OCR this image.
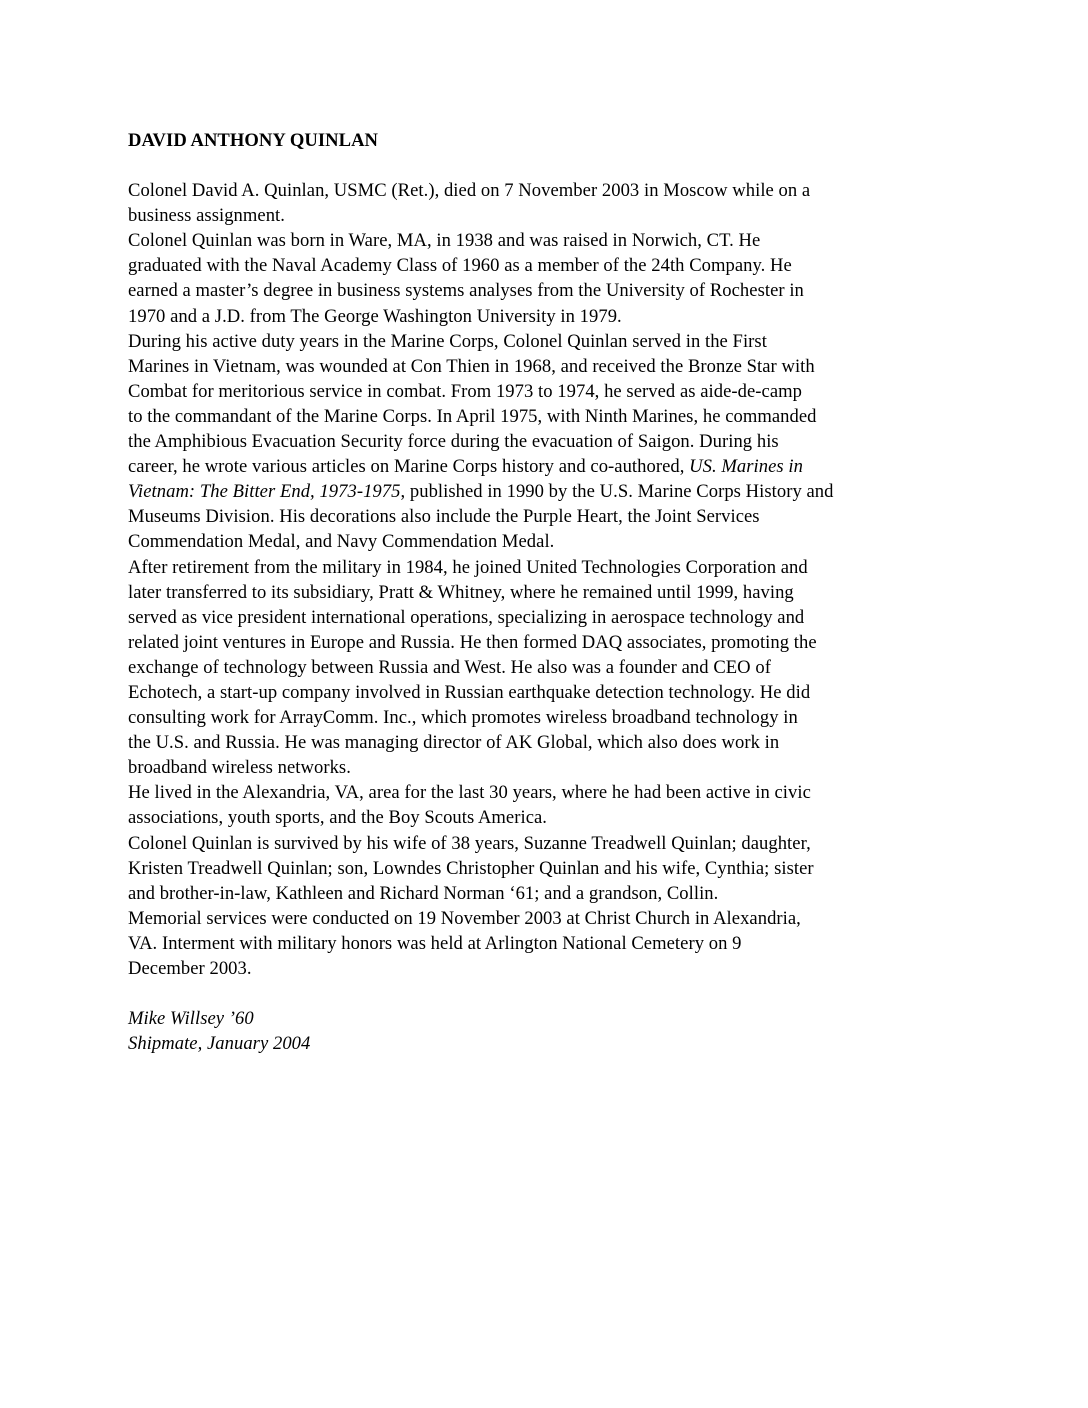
DAVID ANTHONY QUINLAN

Colonel David A. Quinlan, USMC (Ret.), died on 7 November 2003 in Moscow while on a
business assignment.

Colonel Quinlan was born in Ware, MA, in 1938 and was raised in Norwich, CT. He
graduated with the Naval Academy Class of 1960 as a member of the 24th Company. He
earned a master’s degree in business systems analyses from the University of Rochester in
1970 and a J.D. from The George Washington University in 1979.

During his active duty years in the Marine Corps, Colonel Quinlan served in the First
Marines in Vietnam, was wounded at Con Thien in 1968, and received the Bronze Star with
Combat for meritorious service in combat. From 1973 to 1974, he served as aide-de-camp
to the commandant of the Marine Corps. In April 1975, with Ninth Marines, he commanded
the Amphibious Evacuation Security force during the evacuation of Saigon. During his
career, he wrote various articles on Marine Corps history and co-authored, US. Marines in
Vietnam: The Bitter End, 1973-1975, published in 1990 by the U.S. Marine Corps History and
Museums Division. His decorations also include the Purple Heart, the Joint Services
Commendation Medal, and Navy Commendation Medal.

After retirement from the military in 1984, he joined United Technologies Corporation and
later transferred to its subsidiary, Pratt & Whitney, where he remained until 1999, having
served as vice president international operations, specializing in aerospace technology and
related joint ventures in Europe and Russia. He then formed DAQ associates, promoting the
exchange of technology between Russia and West. He also was a founder and CEO of
Echotech, a start-up company involved in Russian earthquake detection technology. He did
consulting work for ArrayComm. Inc., which promotes wireless broadband technology in
the U.S. and Russia. He was managing director of AK Global, which also does work in
broadband wireless networks.

He lived in the Alexandria, VA, area for the last 30 years, where he had been active in civic
associations, youth sports, and the Boy Scouts America.

Colonel Quinlan is survived by his wife of 38 years, Suzanne Treadwell Quinlan; daughter,
Kristen Treadwell Quinlan; son, Lowndes Christopher Quinlan and his wife, Cynthia; sister
and brother-in-law, Kathleen and Richard Norman ‘61; and a grandson, Collin.

Memorial services were conducted on 19 November 2003 at Christ Church in Alexandria,
VA. Interment with military honors was held at Arlington National Cemetery on 9
December 2003.

Mike Willsey ’60
Shipmate, January 2004
